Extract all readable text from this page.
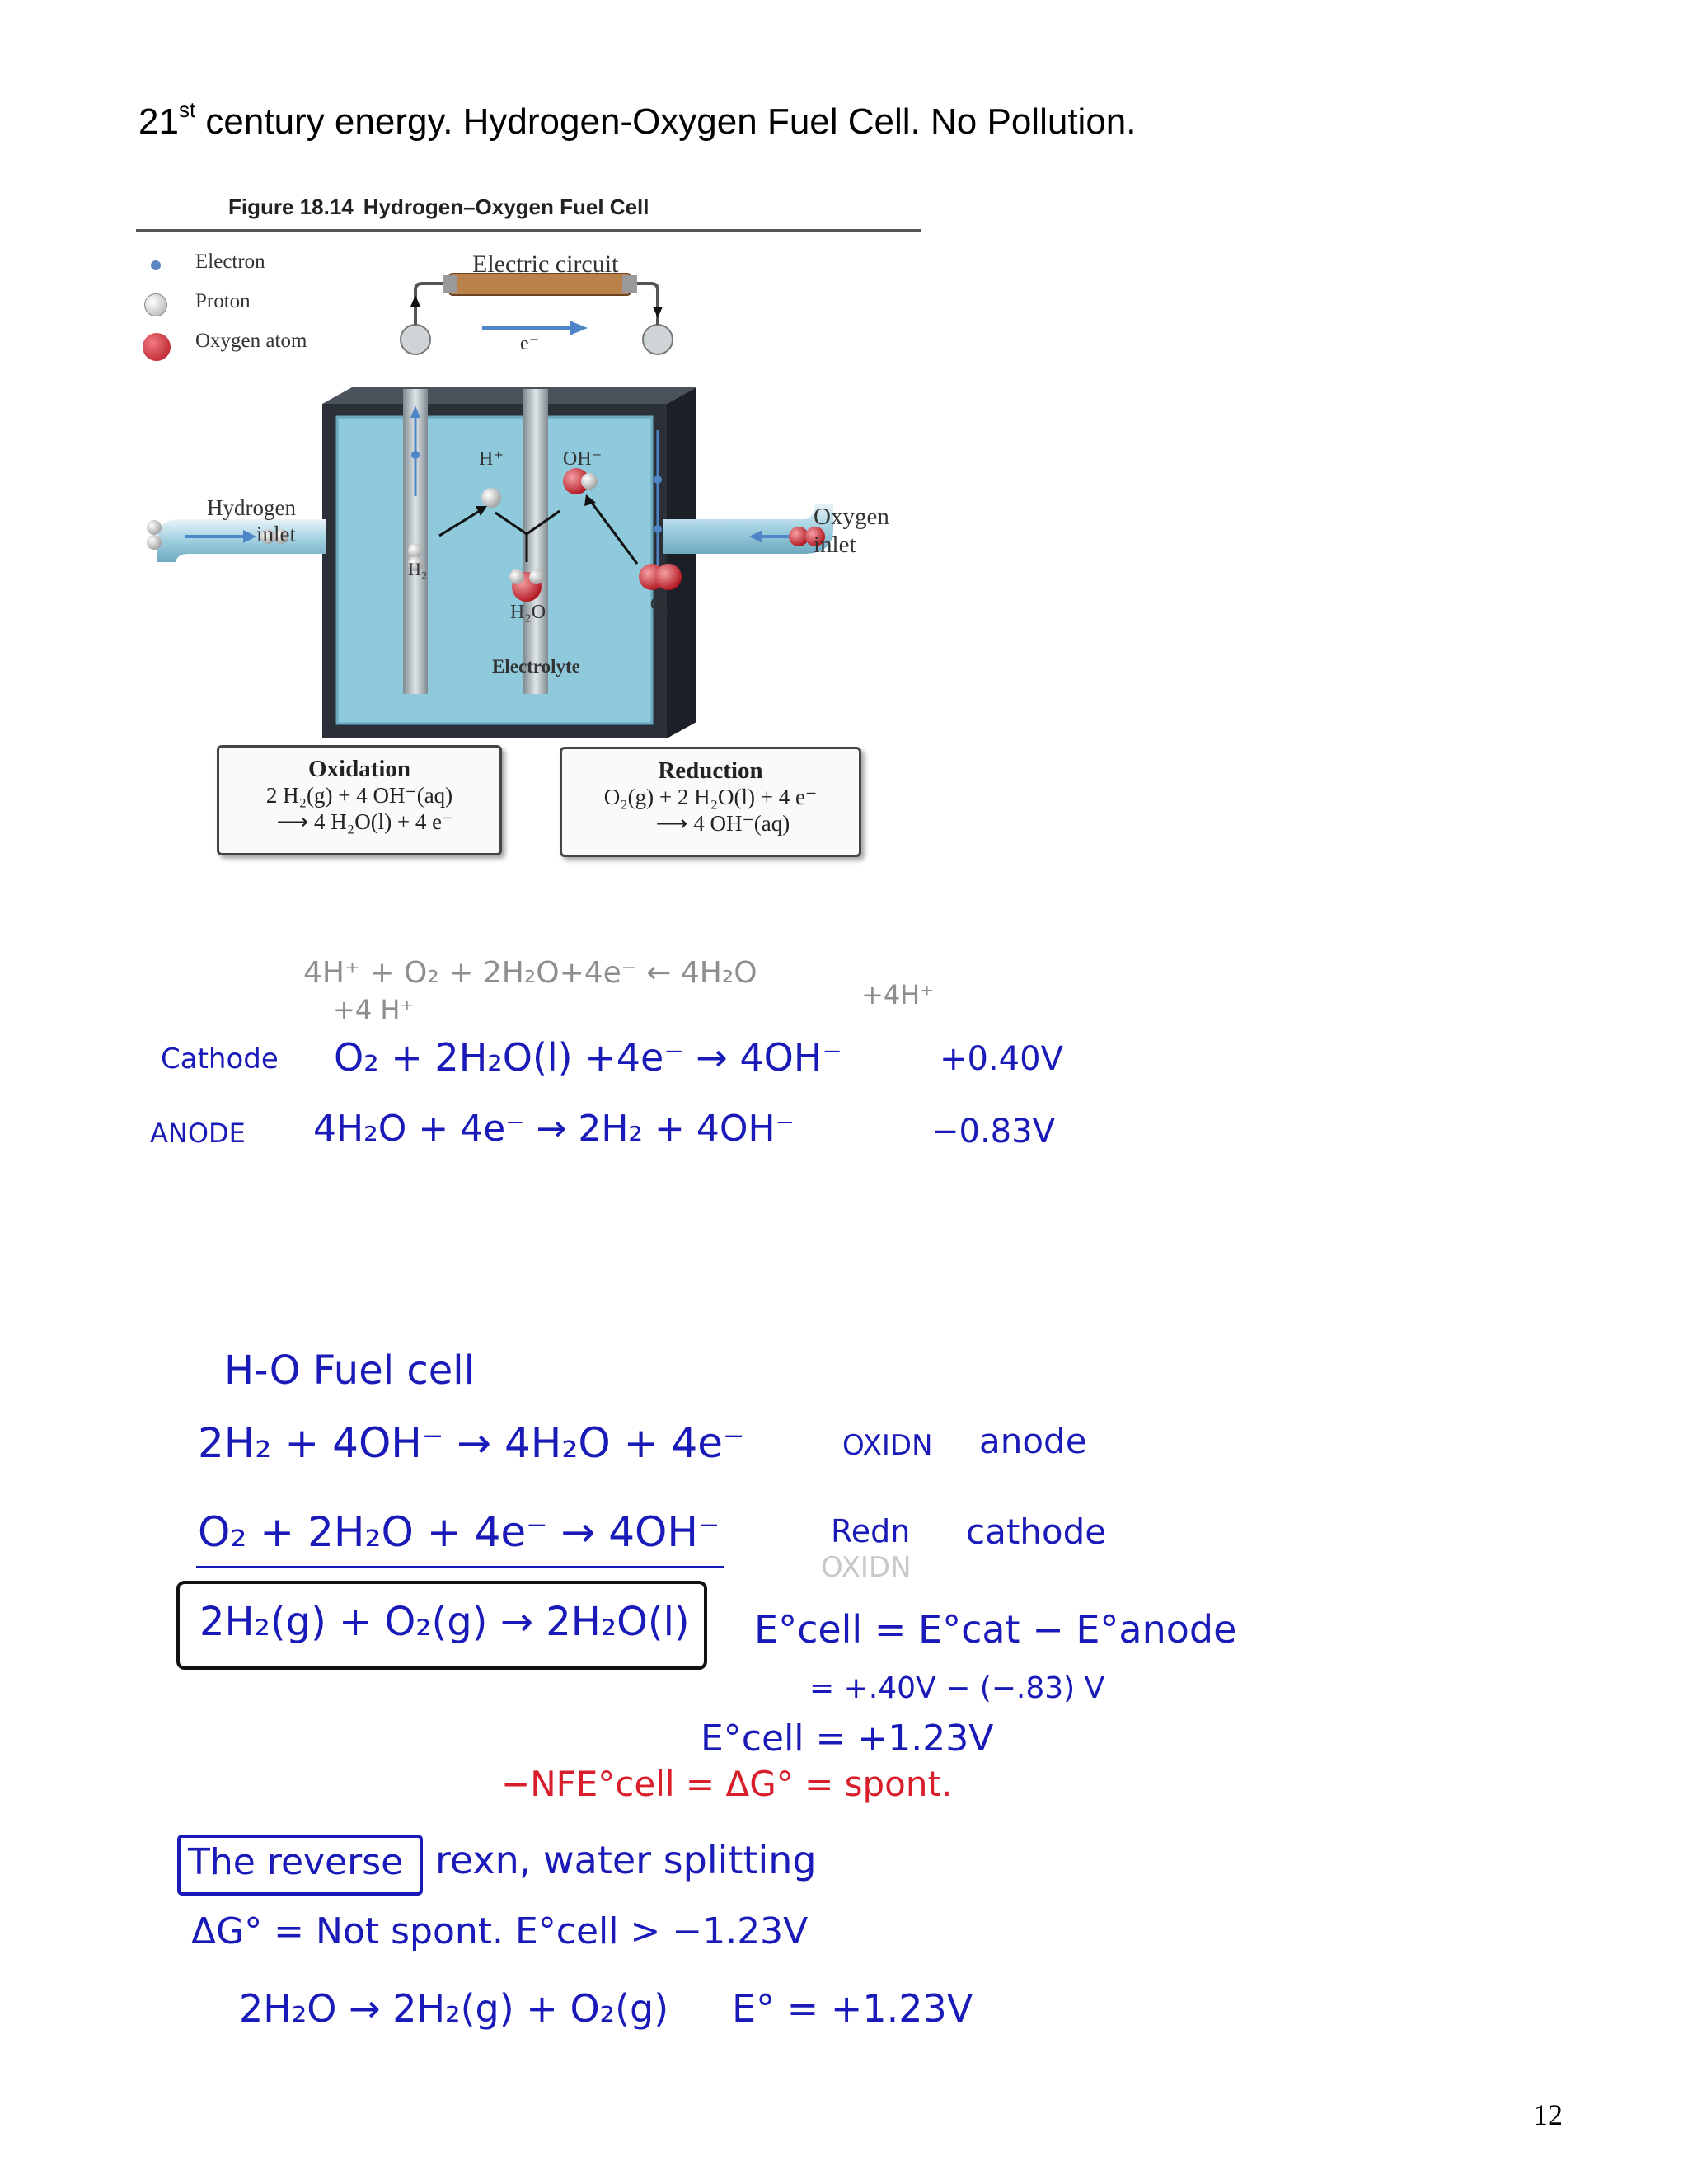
21st century energy. Hydrogen-Oxygen Fuel Cell. No Pollution.
Figure 18.14 Hydrogen–Oxygen Fuel Cell
Electron
Proton
Oxygen atom
Electric circuit
e⁻
Hydrogen
inlet
Oxygen
inlet
H⁺	OH⁻
H₂
O₂
H₂O
Electrolyte
Oxidation
2 H₂(g) + 4 OH⁻(aq)
⟶ 4 H₂O(l) + 4 e⁻
Reduction
O₂(g) + 2 H₂O(l) + 4 e⁻
⟶ 4 OH⁻(aq)
4H⁺ + O₂ + 2H₂O+4e⁻ ← 4H₂O
+4 H⁺	+4H⁺
Cathode O₂ + 2H₂O(l) +4e⁻ → 4OH⁻	+0.40V
ANODE 4H₂O + 4e⁻ → 2H₂ + 4OH⁻	−0.83V
H-O Fuel cell
2H₂ + 4OH⁻ → 4H₂O + 4e⁻	OXIDN anode
O₂ + 2H₂O + 4e⁻ → 4OH⁻	Redn cathode
OXIDN
2H₂(g) + O₂(g) → 2H₂O(l) E°cell = E°cat − E°anode
= +.40V − (−.83) V
E°cell = +1.23V
−NFE°cell = ΔG° = spont.
The reverse rexn, water splitting
ΔG° = Not spont. E°cell > −1.23V
2H₂O → 2H₂(g) + O₂(g) E° = +1.23V
12
